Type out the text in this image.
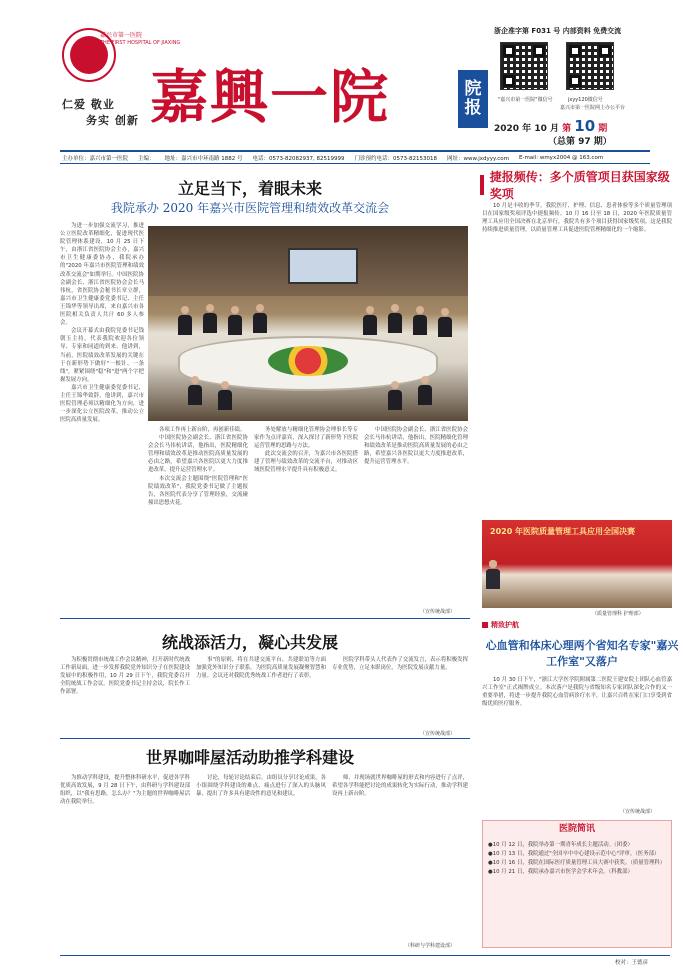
嘉兴市第一医院
THE FIRST HOSPITAL OF JIAXING
仁爱 敬业
务实 创新 嘉興一院	院
报
浙企准字第 F031 号 内部资料 免费交流
"嘉兴市第一医院"微信号	jxyy120微信号
嘉兴市第一医院网上办公平台
2020 年 10 月 第 10 期
（总第 97 期）
主办单位：嘉兴市第一医院 主编： 地址：嘉兴市中环南路 1882 号 电话：0573-82082937, 82519999 门诊预约电话：0573-82153018 网址：www.jxdyyy.com E-mail: wmyx2004 @ 163.com
立足当下，着眼未来
我院承办 2020 年嘉兴市医院管理和绩效改革交流会

为进一步加强交流学习，推进公立医院改革精细化，促进现代医院管理体系建设，10 月 25 日下午，由浙江省医院协会主办，嘉兴市卫生健康委协办，我院承办的"2020 年嘉兴市医院管理和绩效改革交流会"如期举行。中国医院协会副会长、浙江省医院协会会长马伟杭，省医院协会秘书长章立群，嘉兴市卫生健康委党委书记、主任王锦华等领导出席，来自嘉兴市各医院相关负责人共计 60 多人参会。

会议开幕式由我院党委书记钱朝玉主持，代表我院欢迎各位领导、专家和同道的到来。他讲到，当前，医院绩效改革发展的关键在于在新形势下做好"一根针、一条线"，紧紧围绕"稳"和"进"两个字把握发展方向。

嘉兴市卫生健康委党委书记、主任王锦华致辞，他讲到，嘉兴市医院管理必须以精细化为方向，进一步深化公立医院改革，推动公立医院高质量发展。

各项工作再上新台阶，再创新佳绩。

中国医院协会副会长、浙江省医院协会会长马伟杭讲话，他指出，医院精细化管理和绩效改革是推动医院高质量发展的必由之路，希望嘉兴各医院以更大力度推进改革，提升运营管理水平。

本次交流会主题围绕"医院管理和"医院绩效改革"，我院党委书记做了主题报告，各医院代表分享了管理经验，交流碰撞出思想火花。

务处解放与精细化管理协会理事长等专家作为点评嘉宾，深入探讨了新形势下医院运营管理的思路与方法。

此次交流会的召开，为嘉兴市各医院搭建了管理与绩效改革的交流平台，对推动区域医院管理水平提升具有积极意义。

中国医院协会副会长、浙江省医院协会会长马伟杭讲话，他指出，医院精细化管理和绩效改革是推动医院高质量发展的必由之路，希望嘉兴各医院以更大力度推进改革，提升运营管理水平。

（宣传统战部）
统战添活力，凝心共发展

为积极贯彻市统战工作会议精神，打开新时代统战工作新局面，进一步发挥我院党外知识分子在医院建设发展中的积极作用，10 月 29 日下午，我院党委召开全院统战工作会议。医院党委书记主持会议，院长作工作部署。

事"的原则，将在共建交流平台、共建联谊等方面加强党外知识分子联系，为医院高质量发展凝聚智慧和力量。会议还对我院优秀统战工作者进行了表彰。

医院学科带头人代表作了交流发言，表示将积极发挥专业优势，立足本职岗位，为医院发展贡献力量。

（宣传统战部）
世界咖啡屋活动助推学科建设

为推动学科建设，提升整体科研水平，促进各学科优质高效发展，9 月 28 日下午，由科研与学科建设部组织，以"我有思路，怎么办？"为主题的世界咖啡屋活动在我院举行。

讨论，每轮讨论结束后，由组员分享讨论成果。各小组围绕学科建设的难点、痛点进行了深入的头脑风暴，提出了许多具有建设性的意见和建议。

师，并现场就世界咖啡屋的形式和内容进行了点评，希望各学科能把讨论的成果转化为实际行动，推动学科建设再上新台阶。

（科研与学科建设部）
捷报频传：多个质管项目获国家级奖项

10 月是丰收的季节，我院医疗、护理、信息、患者体验等多个质量管理项目在国家级奖项评选中捷报频传。10 月 16 日至 18 日，2020 年医院质量管理工具应用全国决赛在北京举行，我院共有多个项目获得国家级奖项。这是我院持续推进质量管理，以质量管理工具促进医院管理精细化的一个缩影。

2020 年医院质量管理工具应用全国决赛
（质量管理科 护理部）
精致护航
心血管和体床心理两个省知名专家"嘉兴工作室"又落户

10 月 30 日下午，"浙江大学医学院附属第二医院王建安院士团队心血管嘉兴工作室"正式揭牌成立。本次落户是我院与省级知名专家团队深化合作的又一重要举措，将进一步提升我院心血管病诊疗水平，让嘉兴百姓在家门口享受到省级优质医疗服务。

（宣传统战部）
医院简讯

●10 月 12 日，我院举办第一期青年成长主题活动。（团委）

●10 月 13 日，我院通过"全国卒中中心建设示范中心"评审。（医务部）

●10 月 16 日，我院在国际医疗质量管理工具大赛中获奖。（质量管理科）

●10 月 21 日，我院承办嘉兴市医学会学术年会。（科教部）

校对：王德彦
